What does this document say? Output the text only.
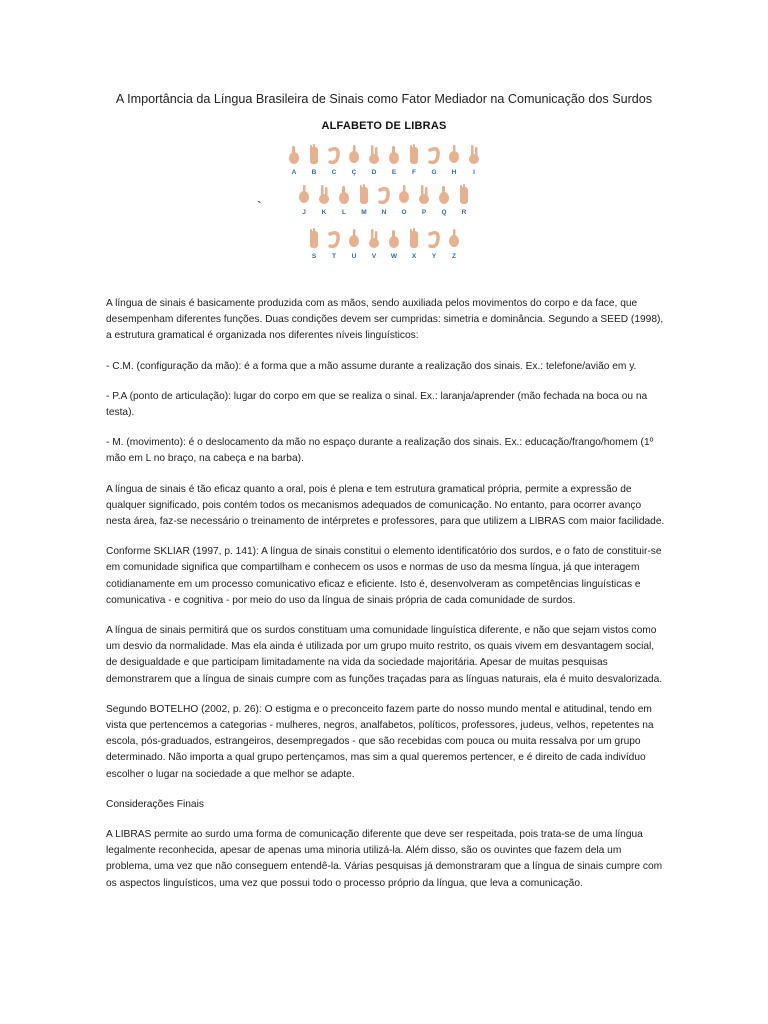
A Importância da Língua Brasileira de Sinais como Fator Mediador na Comunicação dos Surdos
ALFABETO DE LIBRAS
A B C Ç D E F G H	I
J K L M N O P Q R
S T U V W X Y Z
`

A língua de sinais é basicamente produzida com as mãos, sendo auxiliada pelos movimentos do corpo e da face, que desempenham diferentes funções. Duas condições devem ser cumpridas: simetria e dominância. Segundo a SEED (1998), a estrutura gramatical é organizada nos diferentes níveis linguísticos:

- C.M. (configuração da mão): é a forma que a mão assume durante a realização dos sinais. Ex.: telefone/avião em y.

- P.A (ponto de articulação): lugar do corpo em que se realiza o sinal. Ex.: laranja/aprender (mão fechada na boca ou na testa).

- M. (movimento): é o deslocamento da mão no espaço durante a realização dos sinais. Ex.: educação/frango/homem (1º mão em L no braço, na cabeça e na barba).

A língua de sinais é tão eficaz quanto a oral, pois é plena e tem estrutura gramatical própria, permite a expressão de qualquer significado, pois contém todos os mecanismos adequados de comunicação. No entanto, para ocorrer avanço nesta área, faz-se necessário o treinamento de intérpretes e professores, para que utilizem a LIBRAS com maior facilidade.

Conforme SKLIAR (1997, p. 141): A língua de sinais constitui o elemento identificatório dos surdos, e o fato de constituir-se em comunidade significa que compartilham e conhecem os usos e normas de uso da mesma língua, já que interagem cotidianamente em um processo comunicativo eficaz e eficiente. Isto é, desenvolveram as competências linguísticas e comunicativa - e cognitiva - por meio do uso da língua de sinais própria de cada comunidade de surdos.

A língua de sinais permitirá que os surdos constituam uma comunidade linguística diferente, e não que sejam vistos como um desvio da normalidade. Mas ela ainda é utilizada por um grupo muito restrito, os quais vivem em desvantagem social, de desigualdade e que participam limitadamente na vida da sociedade majoritária. Apesar de muitas pesquisas demonstrarem que a língua de sinais cumpre com as funções traçadas para as línguas naturais, ela é muito desvalorizada.

Segundo BOTELHO (2002, p. 26): O estigma e o preconceito fazem parte do nosso mundo mental e atitudinal, tendo em vista que pertencemos a categorias - mulheres, negros, analfabetos, políticos, professores, judeus, velhos, repetentes na escola, pós-graduados, estrangeiros, desempregados - que são recebidas com pouca ou muita ressalva por um grupo determinado. Não importa a qual grupo pertençamos, mas sim a qual queremos pertencer, e é direito de cada indivíduo escolher o lugar na sociedade a que melhor se adapte.

Considerações Finais

A LIBRAS permite ao surdo uma forma de comunicação diferente que deve ser respeitada, pois trata-se de uma língua legalmente reconhecida, apesar de apenas uma minoria utilizá-la. Além disso, são os ouvintes que fazem dela um problema, uma vez que não conseguem entendê-la. Várias pesquisas já demonstraram que a língua de sinais cumpre com os aspectos linguísticos, uma vez que possui todo o processo próprio da língua, que leva a comunicação.
